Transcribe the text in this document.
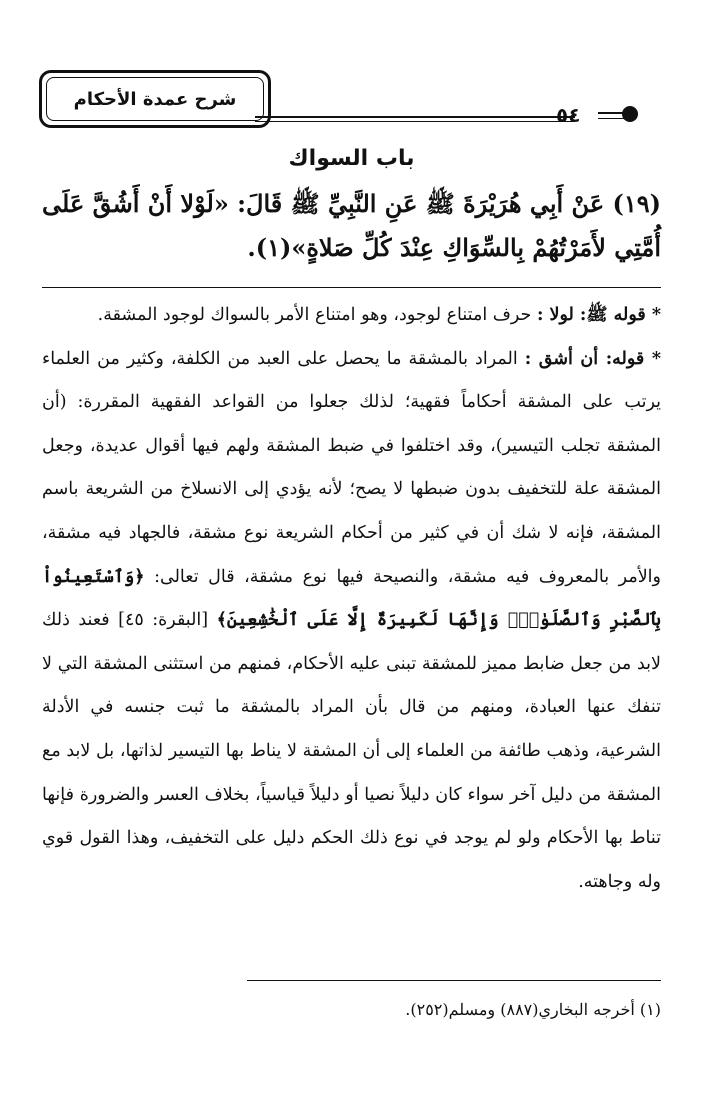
شرح عمدة الأحكام
٥٤
باب السواك
(١٩) عَنْ أَبِي هُرَيْرَةَ ﷺ عَنِ النَّبِيِّ ﷺ قَالَ: «لَوْلا أَنْ أَشُقَّ عَلَى أُمَّتِي لأَمَرْتُهُمْ بِالسِّوَاكِ عِنْدَ كُلِّ صَلاةٍ»(١).

* قوله ﷺ: لولا : حرف امتناع لوجود، وهو امتناع الأمر بالسواك لوجود المشقة.

* قوله: أن أشق : المراد بالمشقة ما يحصل على العبد من الكلفة، وكثير من العلماء يرتب على المشقة أحكاماً فقهية؛ لذلك جعلوا من القواعد الفقهية المقررة: (أن المشقة تجلب التيسير)، وقد اختلفوا في ضبط المشقة ولهم فيها أقوال عديدة، وجعل المشقة علة للتخفيف بدون ضبطها لا يصح؛ لأنه يؤدي إلى الانسلاخ من الشريعة باسم المشقة، فإنه لا شك أن في كثير من أحكام الشريعة نوع مشقة، فالجهاد فيه مشقة، والأمر بالمعروف فيه مشقة، والنصيحة فيها نوع مشقة، قال تعالى: ﴿وَٱسْتَعِينُواْ بِٱلصَّبْرِ وَٱلصَّلَوٰةِۚ وَإِنَّهَا لَكَبِيرَةٌ إِلَّا عَلَى ٱلْخَٰشِعِينَ﴾ [البقرة: ٤٥] فعند ذلك لابد من جعل ضابط مميز للمشقة تبنى عليه الأحكام، فمنهم من استثنى المشقة التي لا تنفك عنها العبادة، ومنهم من قال بأن المراد بالمشقة ما ثبت جنسه في الأدلة الشرعية، وذهب طائفة من العلماء إلى أن المشقة لا يناط بها التيسير لذاتها، بل لابد مع المشقة من دليل آخر سواء كان دليلاً نصيا أو دليلاً قياسياً، بخلاف العسر والضرورة فإنها تناط بها الأحكام ولو لم يوجد في نوع ذلك الحكم دليل على التخفيف، وهذا القول قوي وله وجاهته.

(١) أخرجه البخاري(٨٨٧) ومسلم(٢٥٢).
